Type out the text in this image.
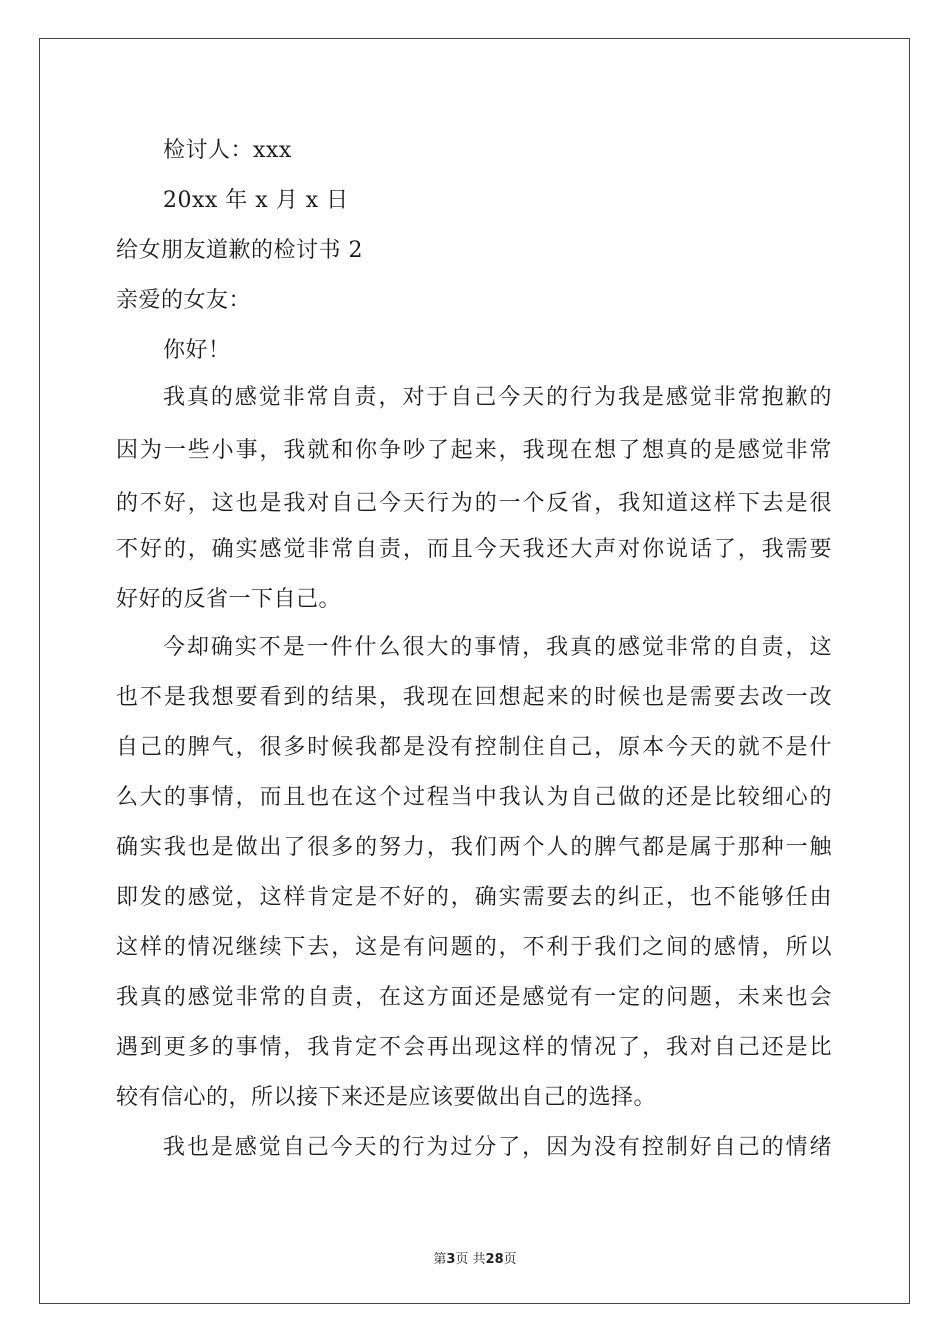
检讨人：xxx
20xx 年 x 月 x 日
给女朋友道歉的检讨书 2
亲爱的女友：
你好！
我真的感觉非常自责，对于自己今天的行为我是感觉非常抱歉的
因为一些小事，我就和你争吵了起来，我现在想了想真的是感觉非常
的不好，这也是我对自己今天行为的一个反省，我知道这样下去是很
不好的，确实感觉非常自责，而且今天我还大声对你说话了，我需要
好好的反省一下自己。
今却确实不是一件什么很大的事情，我真的感觉非常的自责，这
也不是我想要看到的结果，我现在回想起来的时候也是需要去改一改
自己的脾气，很多时候我都是没有控制住自己，原本今天的就不是什
么大的事情，而且也在这个过程当中我认为自己做的还是比较细心的
确实我也是做出了很多的努力，我们两个人的脾气都是属于那种一触
即发的感觉，这样肯定是不好的，确实需要去的纠正，也不能够任由
这样的情况继续下去，这是有问题的，不利于我们之间的感情，所以
我真的感觉非常的自责，在这方面还是感觉有一定的问题，未来也会
遇到更多的事情，我肯定不会再出现这样的情况了，我对自己还是比
较有信心的，所以接下来还是应该要做出自己的选择。
我也是感觉自己今天的行为过分了，因为没有控制好自己的情绪
第3页 共28页
